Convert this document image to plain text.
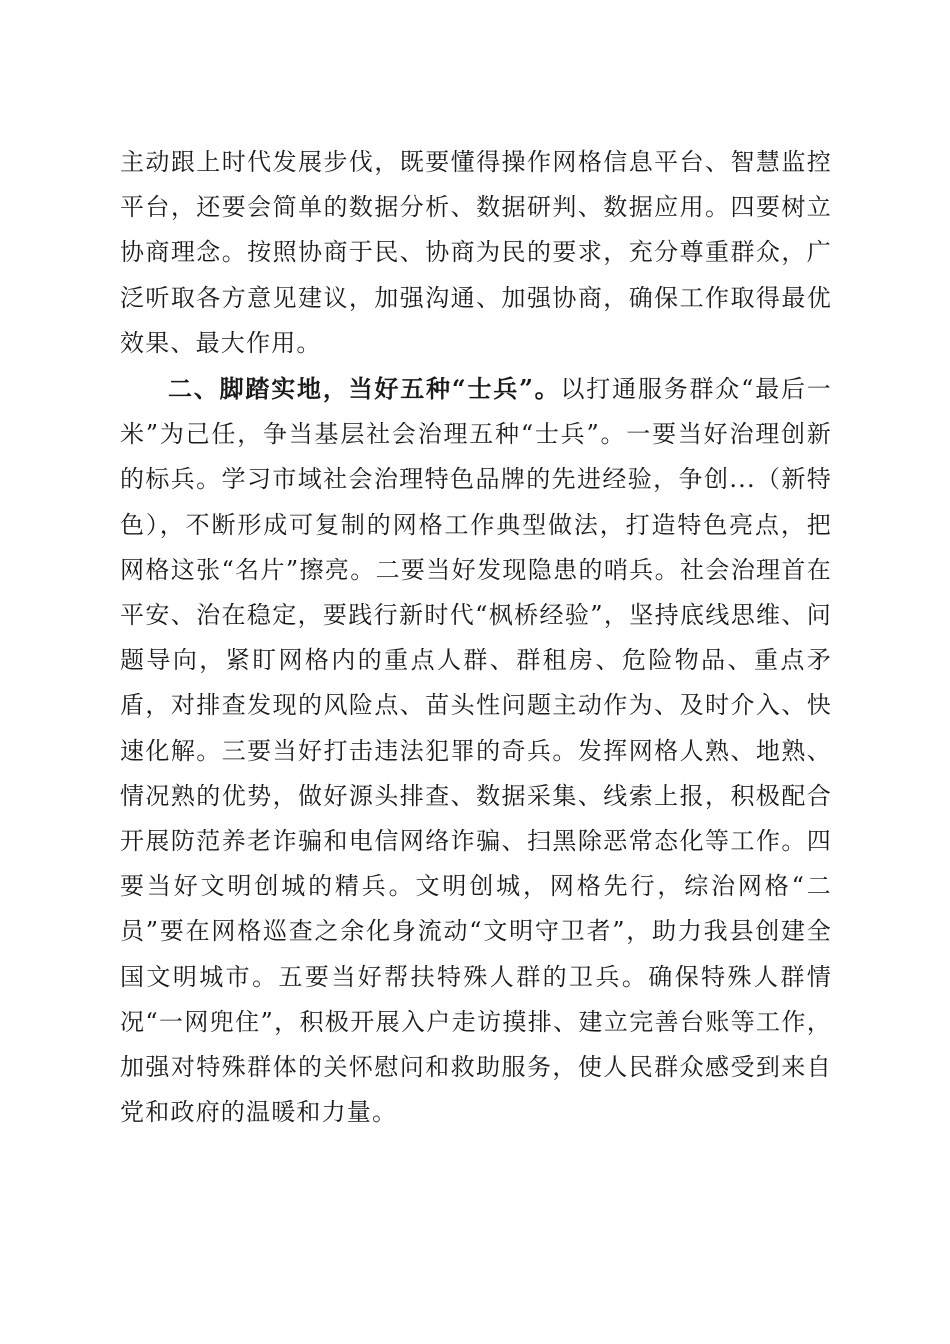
主动跟上时代发展步伐，既要懂得操作网格信息平台、智慧监控平台，还要会简单的数据分析、数据研判、数据应用。四要树立协商理念。按照协商于民、协商为民的要求，充分尊重群众，广泛听取各方意见建议，加强沟通、加强协商，确保工作取得最优效果、最大作用。

二、脚踏实地，当好五种“士兵”。以打通服务群众“最后一米”为己任，争当基层社会治理五种“士兵”。一要当好治理创新的标兵。学习市域社会治理特色品牌的先进经验，争创...（新特色），不断形成可复制的网格工作典型做法，打造特色亮点，把网格这张“名片”擦亮。二要当好发现隐患的哨兵。社会治理首在平安、治在稳定，要践行新时代“枫桥经验”，坚持底线思维、问题导向，紧盯网格内的重点人群、群租房、危险物品、重点矛盾，对排查发现的风险点、苗头性问题主动作为、及时介入、快速化解。三要当好打击违法犯罪的奇兵。发挥网格人熟、地熟、情况熟的优势，做好源头排查、数据采集、线索上报，积极配合开展防范养老诈骗和电信网络诈骗、扫黑除恶常态化等工作。四要当好文明创城的精兵。文明创城，网格先行，综治网格“二员”要在网格巡查之余化身流动“文明守卫者”，助力我县创建全国文明城市。五要当好帮扶特殊人群的卫兵。确保特殊人群情况“一网兜住”，积极开展入户走访摸排、建立完善台账等工作，加强对特殊群体的关怀慰问和救助服务，使人民群众感受到来自党和政府的温暖和力量。
